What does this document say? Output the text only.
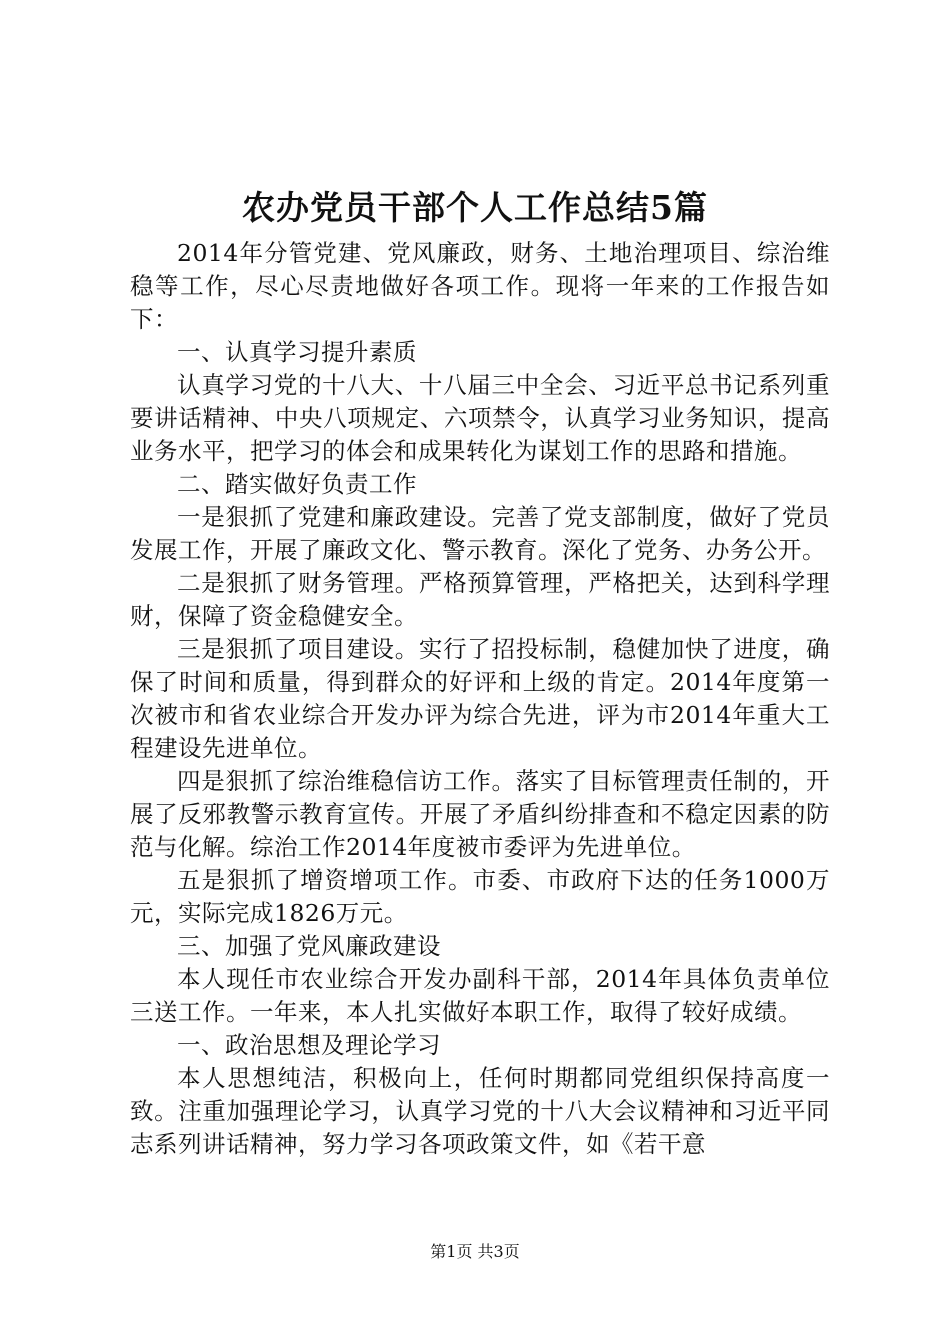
农办党员干部个人工作总结5篇

2014年分管党建、党风廉政，财务、土地治理项目、综治维稳等工作，尽心尽责地做好各项工作。现将一年来的工作报告如下：

一、认真学习提升素质

认真学习党的十八大、十八届三中全会、习近平总书记系列重要讲话精神、中央八项规定、六项禁令，认真学习业务知识，提高业务水平，把学习的体会和成果转化为谋划工作的思路和措施。

二、踏实做好负责工作

一是狠抓了党建和廉政建设。完善了党支部制度，做好了党员发展工作，开展了廉政文化、警示教育。深化了党务、办务公开。

二是狠抓了财务管理。严格预算管理，严格把关，达到科学理财，保障了资金稳健安全。

三是狠抓了项目建设。实行了招投标制，稳健加快了进度，确保了时间和质量，得到群众的好评和上级的肯定。2014年度第一次被市和省农业综合开发办评为综合先进，评为市2014年重大工程建设先进单位。

四是狠抓了综治维稳信访工作。落实了目标管理责任制的，开展了反邪教警示教育宣传。开展了矛盾纠纷排查和不稳定因素的防范与化解。综治工作2014年度被市委评为先进单位。

五是狠抓了增资增项工作。市委、市政府下达的任务1000万元，实际完成1826万元。

三、加强了党风廉政建设

本人现任市农业综合开发办副科干部，2014年具体负责单位三送工作。一年来，本人扎实做好本职工作，取得了较好成绩。

一、政治思想及理论学习

本人思想纯洁，积极向上，任何时期都同党组织保持高度一致。注重加强理论学习，认真学习党的十八大会议精神和习近平同志系列讲话精神，努力学习各项政策文件，如《若干意

第1页 共3页
